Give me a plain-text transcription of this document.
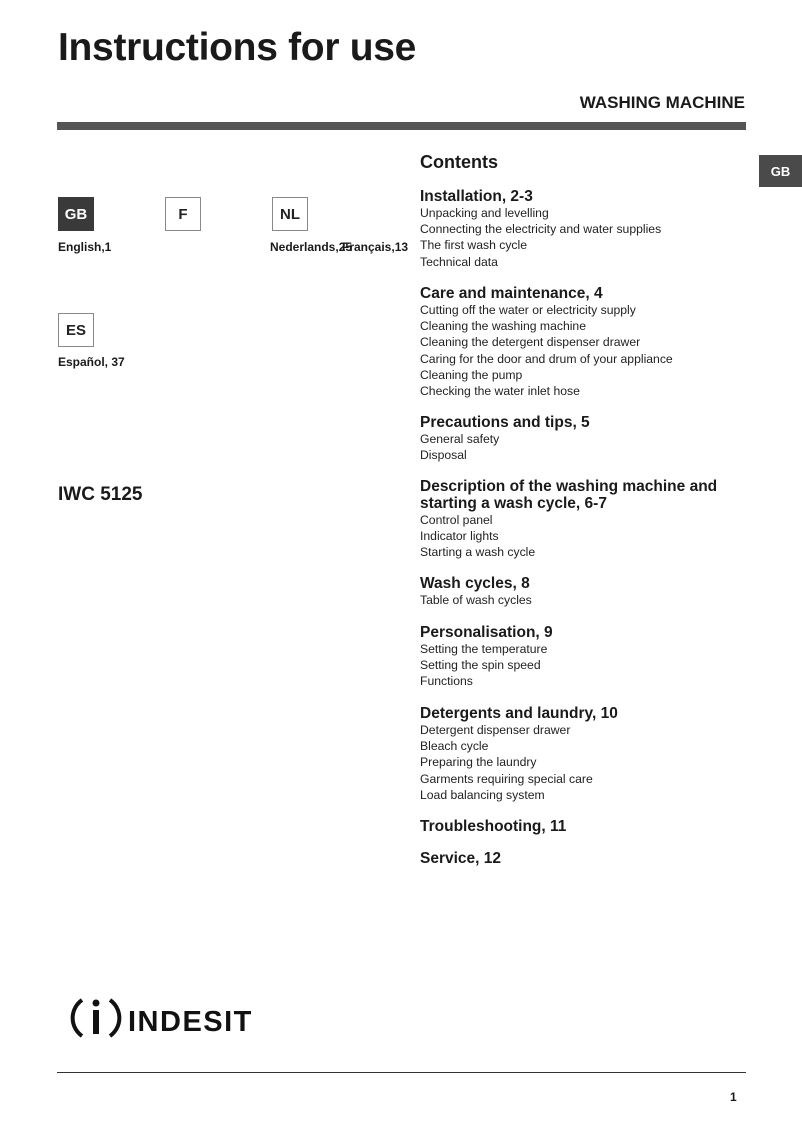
Instructions for use
WASHING MACHINE
GB
GB
English,1
F
Français,13
NL
Nederlands,25
ES
Español, 37
IWC 5125
Contents
Installation, 2-3
Unpacking and levelling
Connecting the electricity and water supplies
The first wash cycle
Technical data
Care and maintenance, 4
Cutting off the water or electricity supply
Cleaning the washing machine
Cleaning the detergent dispenser drawer
Caring for the door and drum of your appliance
Cleaning the pump
Checking the water inlet hose
Precautions and tips, 5
General safety
Disposal
Description of the washing machine and starting a wash cycle, 6-7
Control panel
Indicator lights
Starting a wash cycle
Wash cycles, 8
Table of wash cycles
Personalisation, 9
Setting the temperature
Setting the spin speed
Functions
Detergents and laundry, 10
Detergent dispenser drawer
Bleach cycle
Preparing the laundry
Garments requiring special care
Load balancing system
Troubleshooting, 11
Service, 12
INDESIT
1
